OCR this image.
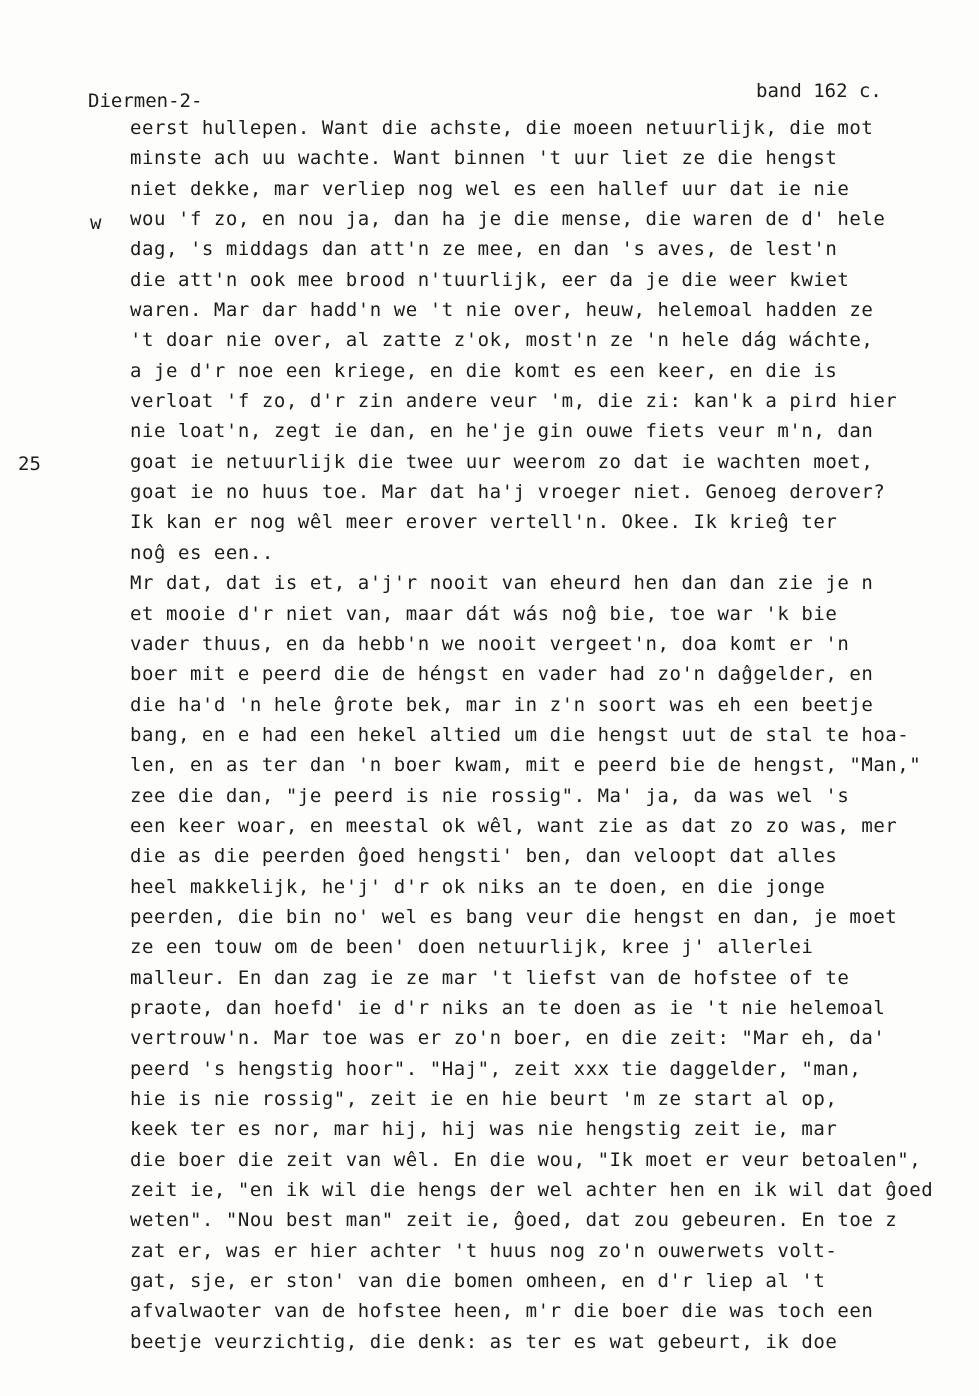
Diermen-2-	band 162 c.
w
25
eerst hullepen. Want die achste, die moeen netuurlijk, die mot
minste ach uu wachte. Want binnen 't uur liet ze die hengst
niet dekke, mar verliep nog wel es een hallef uur dat ie nie
wou 'f zo, en nou ja, dan ha je die mense, die waren de d' hele
dag, 's middags dan att'n ze mee, en dan 's aves, de lest'n
die att'n ook mee brood n'tuurlijk, eer da je die weer kwiet
waren. Mar dar hadd'n we 't nie over, heuw, helemoal hadden ze
't doar nie over, al zatte z'ok, most'n ze 'n hele dág wáchte,
a je d'r noe een kriege, en die komt es een keer, en die is
verloat 'f zo, d'r zin andere veur 'm, die zi: kan'k a pird hier
nie loat'n, zegt ie dan, en he'je gin ouwe fiets veur m'n, dan
goat ie netuurlijk die twee uur weerom zo dat ie wachten moet,
goat ie no huus toe. Mar dat ha'j vroeger niet. Genoeg derover?
Ik kan er nog wêl meer erover vertell'n. Okee. Ik krieĝ ter
noĝ es een..
Mr dat, dat is et, a'j'r nooit van eheurd hen dan dan zie je n
et mooie d'r niet van, maar dát wás noĝ bie, toe war 'k bie
vader thuus, en da hebb'n we nooit vergeet'n, doa komt er 'n
boer mit e peerd die de héngst en vader had zo'n daĝgelder, en
die ha'd 'n hele ĝrote bek, mar in z'n soort was eh een beetje
bang, en e had een hekel altied um die hengst uut de stal te hoa-
len, en as ter dan 'n boer kwam, mit e peerd bie de hengst, "Man,"
zee die dan, "je peerd is nie rossig". Ma' ja, da was wel 's
een keer woar, en meestal ok wêl, want zie as dat zo zo was, mer
die as die peerden ĝoed hengsti' ben, dan veloopt dat alles
heel makkelijk, he'j' d'r ok niks an te doen, en die jonge
peerden, die bin no' wel es bang veur die hengst en dan, je moet
ze een touw om de been' doen netuurlijk, kree j' allerlei
malleur. En dan zag ie ze mar 't liefst van de hofstee of te
praote, dan hoefd' ie d'r niks an te doen as ie 't nie helemoal
vertrouw'n. Mar toe was er zo'n boer, en die zeit: "Mar eh, da'
peerd 's hengstig hoor". "Haj", zeit xxx tie daggelder, "man,
hie is nie rossig", zeit ie en hie beurt 'm ze start al op,
keek ter es nor, mar hij, hij was nie hengstig zeit ie, mar
die boer die zeit van wêl. En die wou, "Ik moet er veur betoalen",
zeit ie, "en ik wil die hengs der wel achter hen en ik wil dat ĝoed
weten". "Nou best man" zeit ie, ĝoed, dat zou gebeuren. En toe z
zat er, was er hier achter 't huus nog zo'n ouwerwets volt-
gat, sje, er ston' van die bomen omheen, en d'r liep al 't
afvalwaoter van de hofstee heen, m'r die boer die was toch een
beetje veurzichtig, die denk: as ter es wat gebeurt, ik doe
